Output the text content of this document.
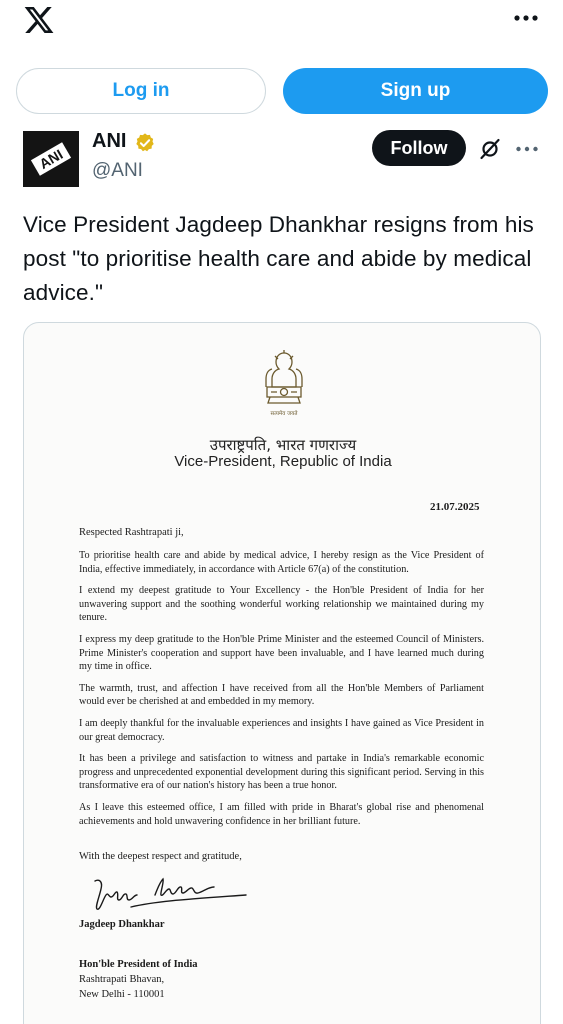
Log in	Sign up
ANI
ANI
@ANI
Follow
Vice President Jagdeep Dhankhar resigns from his post "to prioritise health care and abide by medical advice."
सत्यमेव जयते
उपराष्ट्रपति, भारत गणराज्य
Vice-President, Republic of India
21.07.2025
Respected Rashtrapati ji,

To prioritise health care and abide by medical advice, I hereby resign as the Vice President of India, effective immediately, in accordance with Article 67(a) of the constitution.

I extend my deepest gratitude to Your Excellency - the Hon'ble President of India for her unwavering support and the soothing wonderful working relationship we maintained during my tenure.

I express my deep gratitude to the Hon'ble Prime Minister and the esteemed Council of Ministers. Prime Minister's cooperation and support have been invaluable, and I have learned much during my time in office.

The warmth, trust, and affection I have received from all the Hon'ble Members of Parliament would ever be cherished at and embedded in my memory.

I am deeply thankful for the invaluable experiences and insights I have gained as Vice President in our great democracy.

It has been a privilege and satisfaction to witness and partake in India's remarkable economic progress and unprecedented exponential development during this significant period. Serving in this transformative era of our nation's history has been a true honor.

As I leave this esteemed office, I am filled with pride in Bharat's global rise and phenomenal achievements and hold unwavering confidence in her brilliant future.

With the deepest respect and gratitude,
Jagdeep Dhankhar
Hon'ble President of India
Rashtrapati Bhavan,
New Delhi - 110001
